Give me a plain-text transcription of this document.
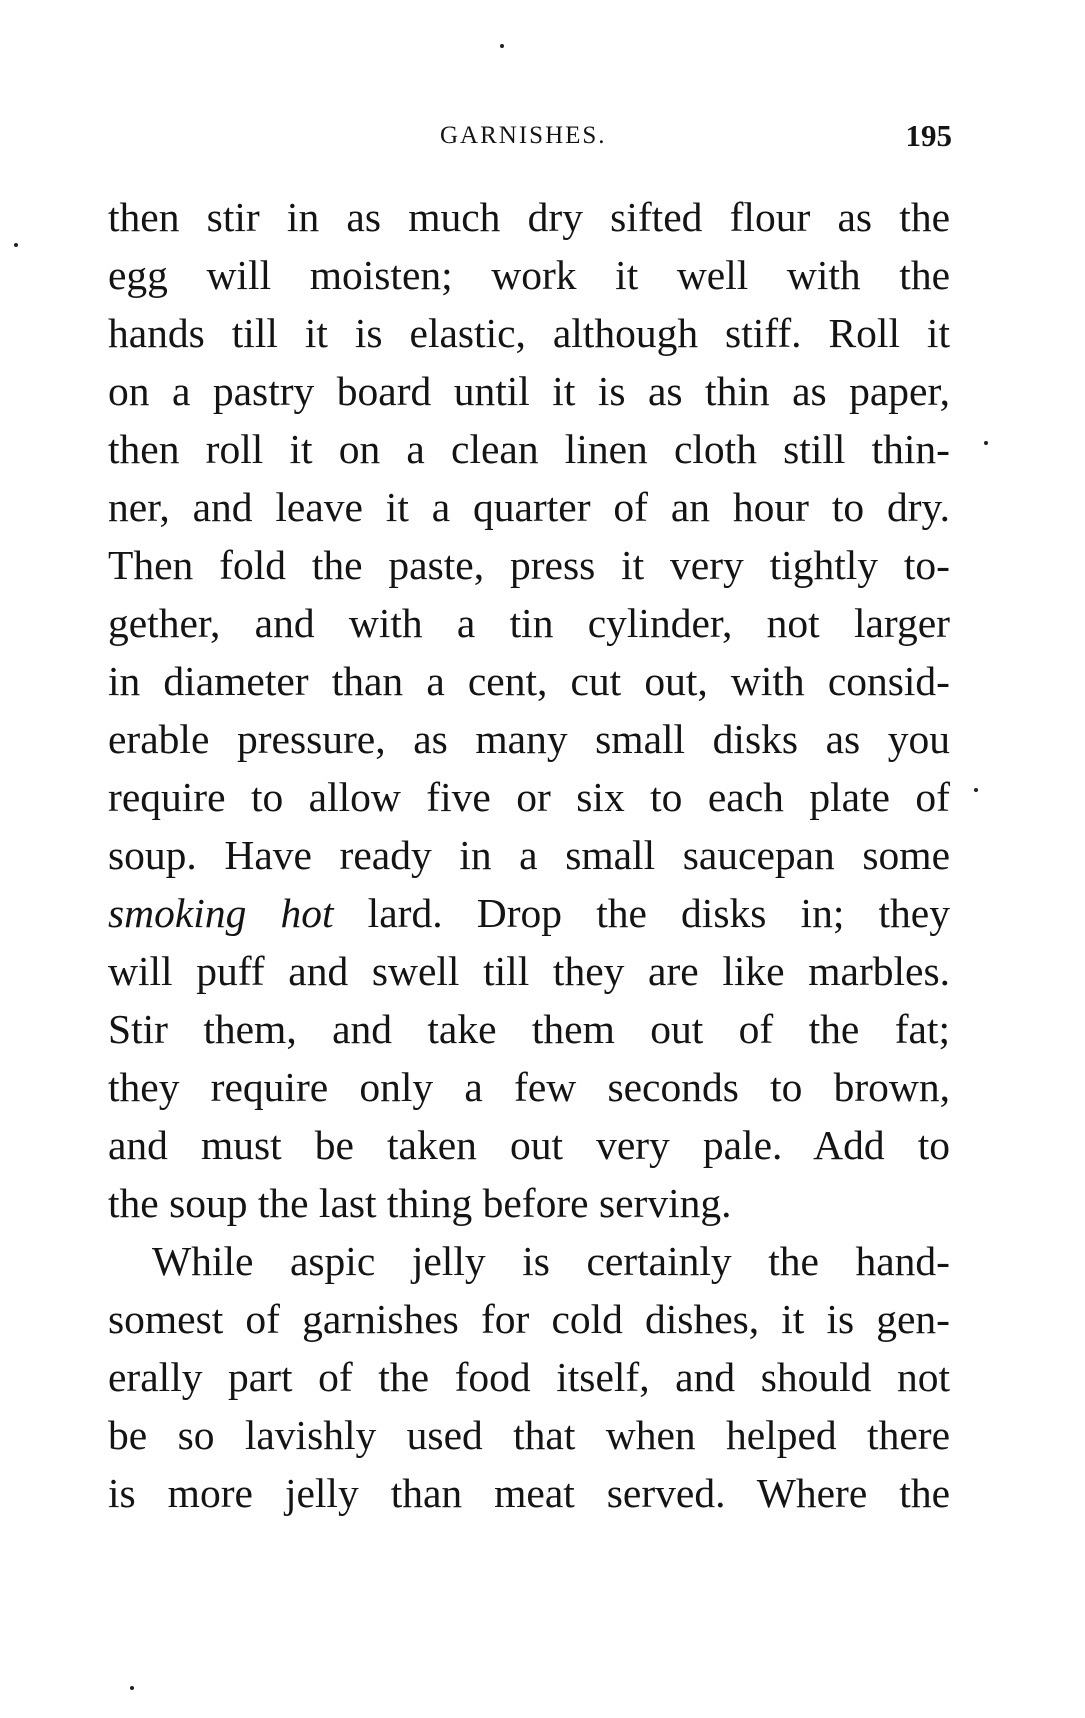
GARNISHES.	195
then stir in as much dry sifted flour as the
egg will moisten; work it well with the
hands till it is elastic, although stiff. Roll it
on a pastry board until it is as thin as paper,
then roll it on a clean linen cloth still thin-
ner, and leave it a quarter of an hour to dry.
Then fold the paste, press it very tightly to-
gether, and with a tin cylinder, not larger
in diameter than a cent, cut out, with consid-
erable pressure, as many small disks as you
require to allow five or six to each plate of
soup. Have ready in a small saucepan some
smoking hot lard. Drop the disks in; they
will puff and swell till they are like marbles.
Stir them, and take them out of the fat;
they require only a few seconds to brown,
and must be taken out very pale. Add to
the soup the last thing before serving.
While aspic jelly is certainly the hand-
somest of garnishes for cold dishes, it is gen-
erally part of the food itself, and should not
be so lavishly used that when helped there
is more jelly than meat served. Where the
